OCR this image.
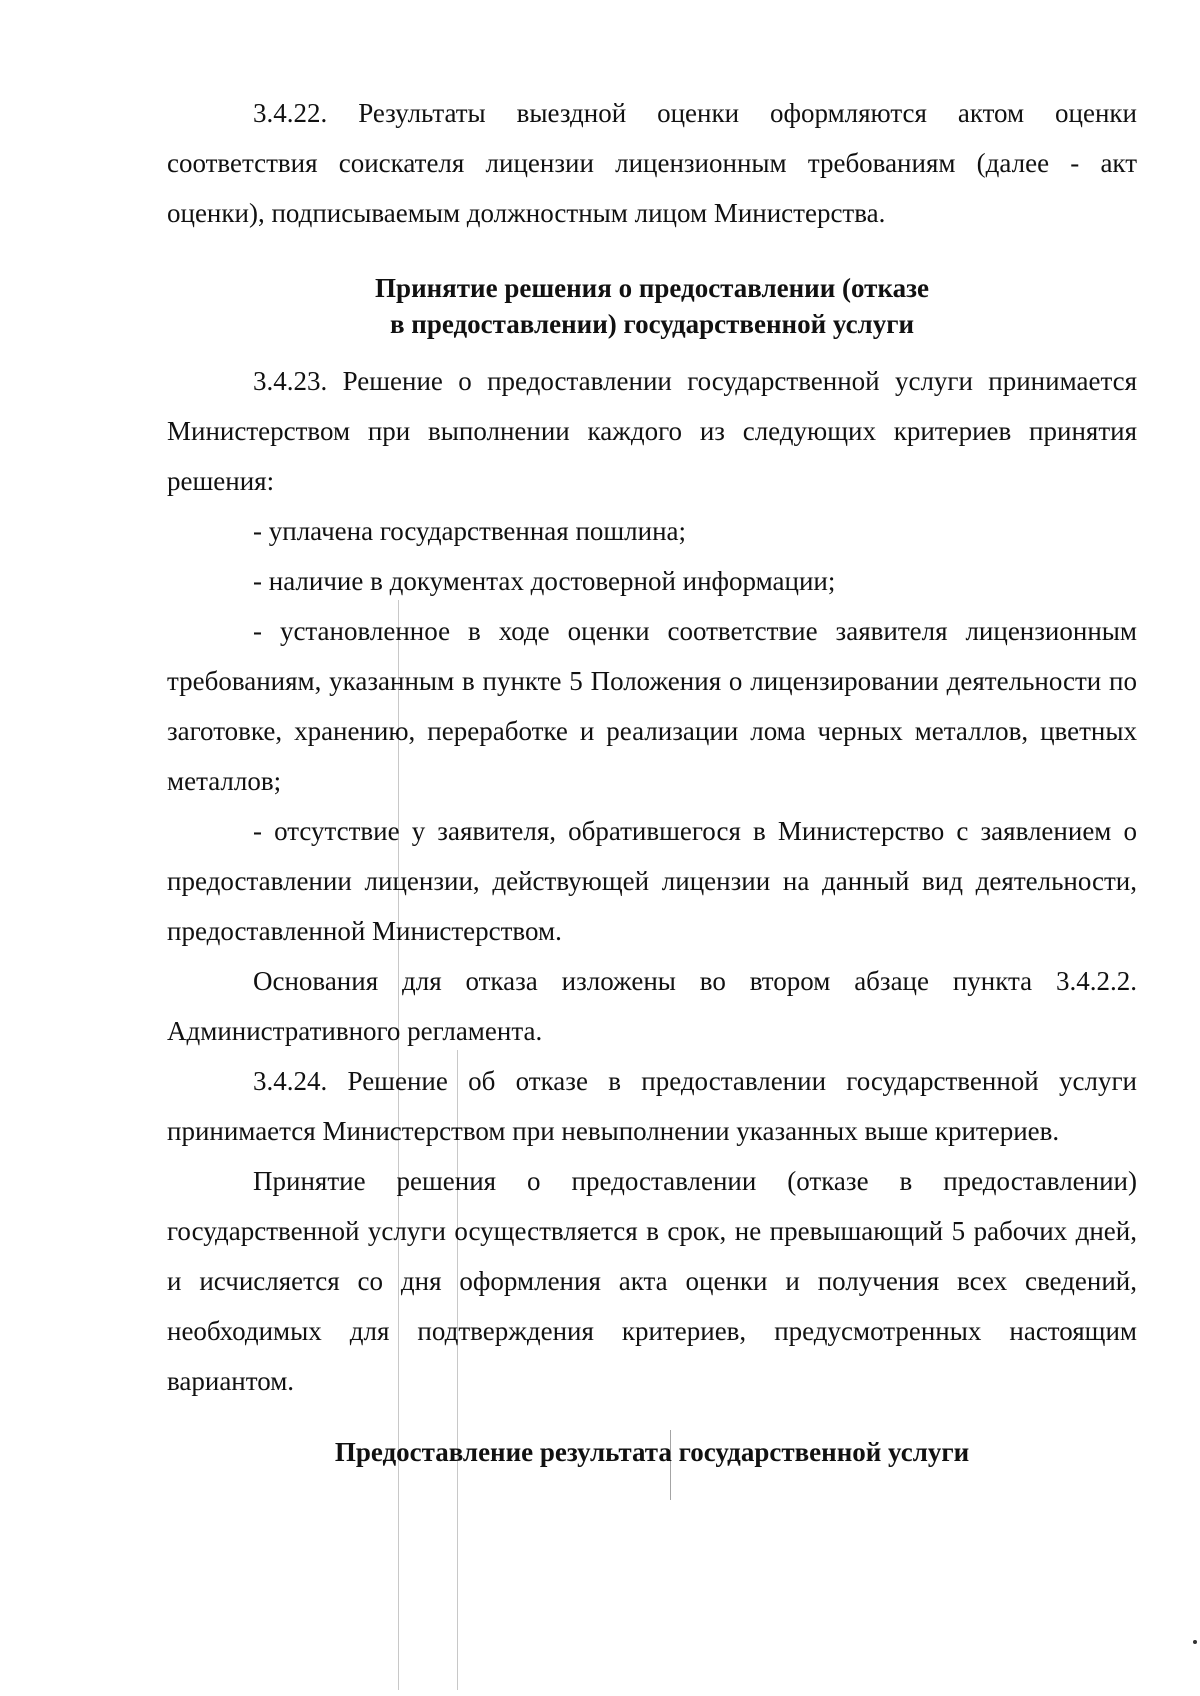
3.4.22. Результаты выездной оценки оформляются актом оценки соответствия соискателя лицензии лицензионным требованиям (далее - акт оценки), подписываемым должностным лицом Министерства.

Принятие решения о предоставлении (отказе
в предоставлении) государственной услуги

3.4.23. Решение о предоставлении государственной услуги принимается Министерством при выполнении каждого из следующих критериев принятия решения:

- уплачена государственная пошлина;

- наличие в документах достоверной информации;

- установленное в ходе оценки соответствие заявителя лицензионным требованиям, указанным в пункте 5 Положения о лицензировании деятельности по заготовке, хранению, переработке и реализации лома черных металлов, цветных металлов;

- отсутствие у заявителя, обратившегося в Министерство с заявлением о предоставлении лицензии, действующей лицензии на данный вид деятельности, предоставленной Министерством.

Основания для отказа изложены во втором абзаце пункта 3.4.2.2. Административного регламента.

3.4.24. Решение об отказе в предоставлении государственной услуги принимается Министерством при невыполнении указанных выше критериев.

Принятие решения о предоставлении (отказе в предоставлении) государственной услуги осуществляется в срок, не превышающий 5 рабочих дней, и исчисляется со дня оформления акта оценки и получения всех сведений, необходимых для подтверждения критериев, предусмотренных настоящим вариантом.

Предоставление результата государственной услуги
